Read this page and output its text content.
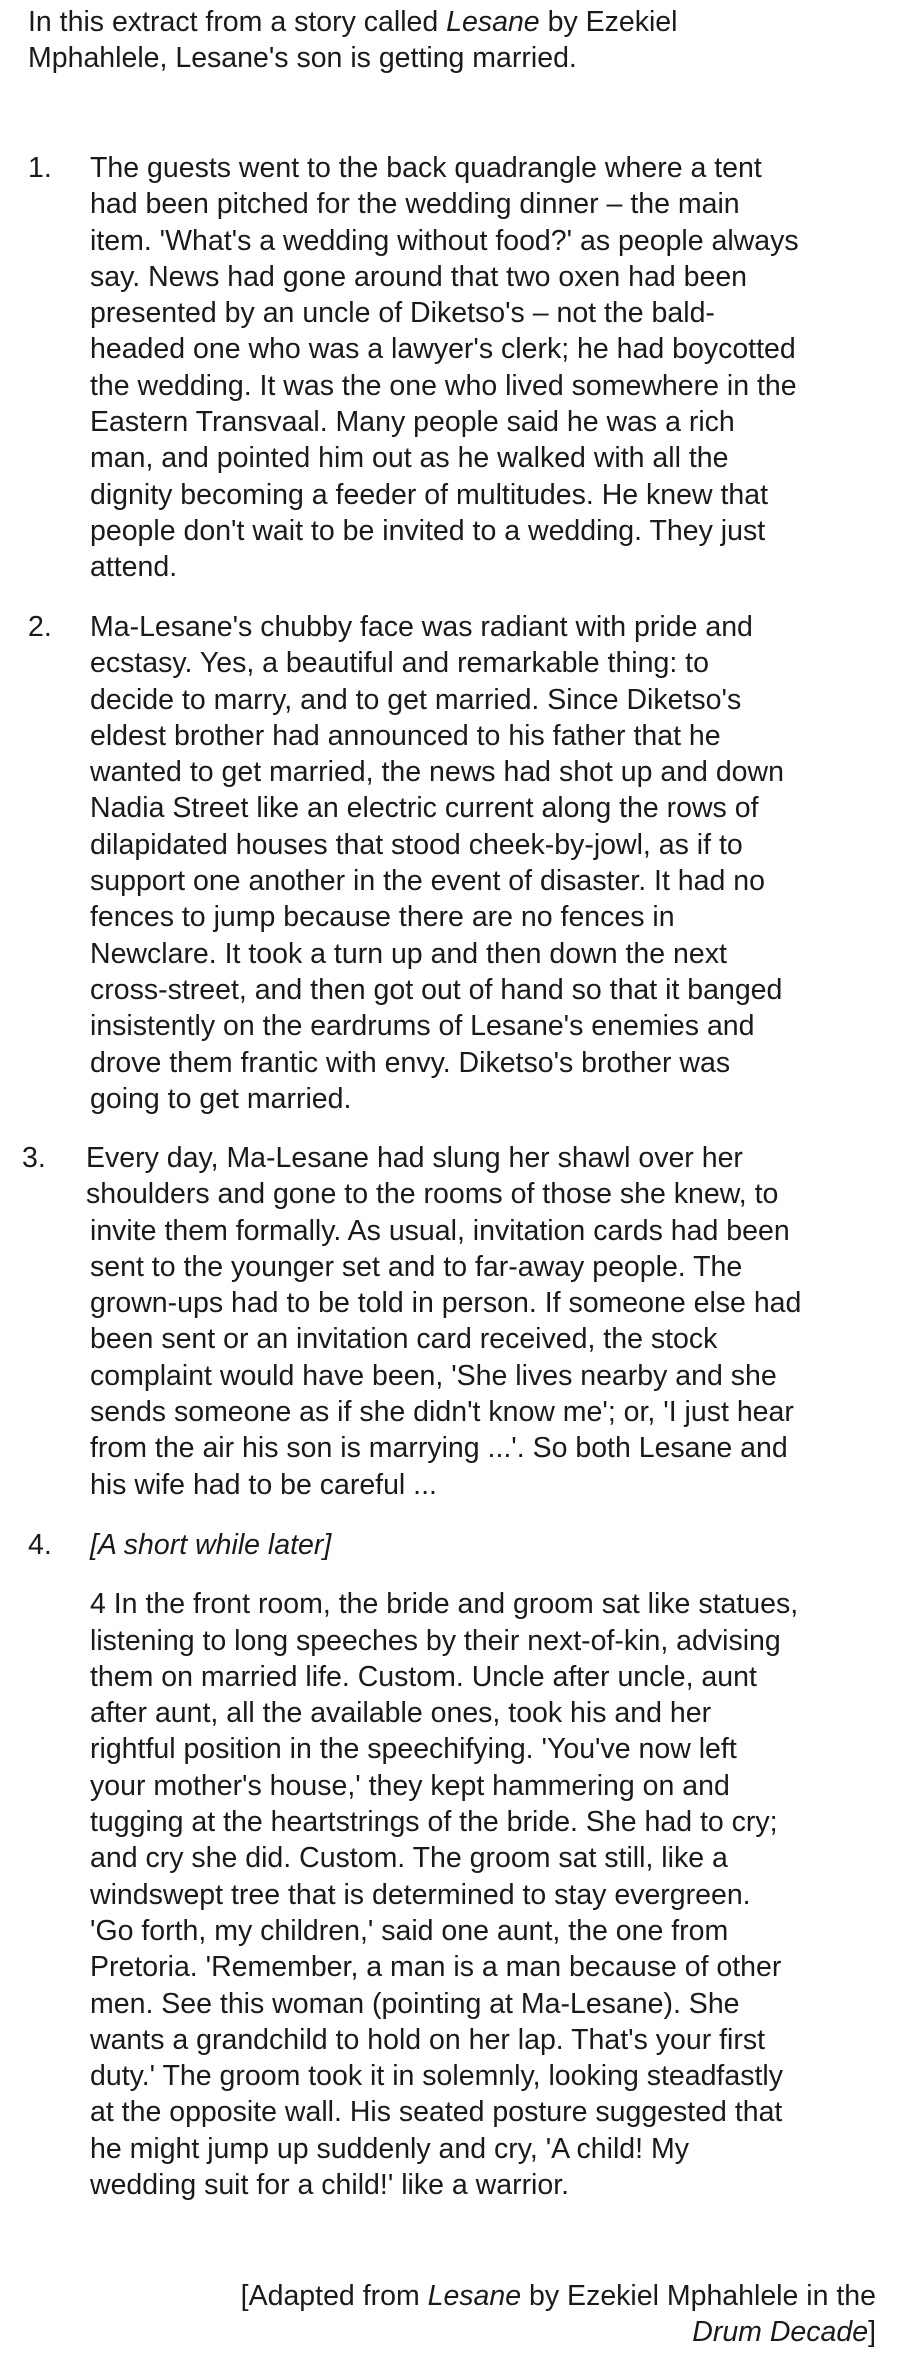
In this extract from a story called Lesane by Ezekiel
Mphahlele, Lesane's son is getting married.
1. The guests went to the back quadrangle where a tent
had been pitched for the wedding dinner – the main
item. 'What's a wedding without food?' as people always
say. News had gone around that two oxen had been
presented by an uncle of Diketso's – not the bald-
headed one who was a lawyer's clerk; he had boycotted
the wedding. It was the one who lived somewhere in the
Eastern Transvaal. Many people said he was a rich
man, and pointed him out as he walked with all the
dignity becoming a feeder of multitudes. He knew that
people don't wait to be invited to a wedding. They just
attend.
2. Ma-Lesane's chubby face was radiant with pride and
ecstasy. Yes, a beautiful and remarkable thing: to
decide to marry, and to get married. Since Diketso's
eldest brother had announced to his father that he
wanted to get married, the news had shot up and down
Nadia Street like an electric current along the rows of
dilapidated houses that stood cheek-by-jowl, as if to
support one another in the event of disaster. It had no
fences to jump because there are no fences in
Newclare. It took a turn up and then down the next
cross-street, and then got out of hand so that it banged
insistently on the eardrums of Lesane's enemies and
drove them frantic with envy. Diketso's brother was
going to get married.
3. Every day, Ma-Lesane had slung her shawl over her
shoulders and gone to the rooms of those she knew, to
invite them formally. As usual, invitation cards had been
sent to the younger set and to far-away people. The
grown-ups had to be told in person. If someone else had
been sent or an invitation card received, the stock
complaint would have been, 'She lives nearby and she
sends someone as if she didn't know me'; or, 'I just hear
from the air his son is marrying ...'. So both Lesane and
his wife had to be careful ...
4. [A short while later]
4 In the front room, the bride and groom sat like statues,
listening to long speeches by their next-of-kin, advising
them on married life. Custom. Uncle after uncle, aunt
after aunt, all the available ones, took his and her
rightful position in the speechifying. 'You've now left
your mother's house,' they kept hammering on and
tugging at the heartstrings of the bride. She had to cry;
and cry she did. Custom. The groom sat still, like a
windswept tree that is determined to stay evergreen.
'Go forth, my children,' said one aunt, the one from
Pretoria. 'Remember, a man is a man because of other
men. See this woman (pointing at Ma-Lesane). She
wants a grandchild to hold on her lap. That's your first
duty.' The groom took it in solemnly, looking steadfastly
at the opposite wall. His seated posture suggested that
he might jump up suddenly and cry, 'A child! My
wedding suit for a child!' like a warrior.
[Adapted from Lesane by Ezekiel Mphahlele in the
Drum Decade]
